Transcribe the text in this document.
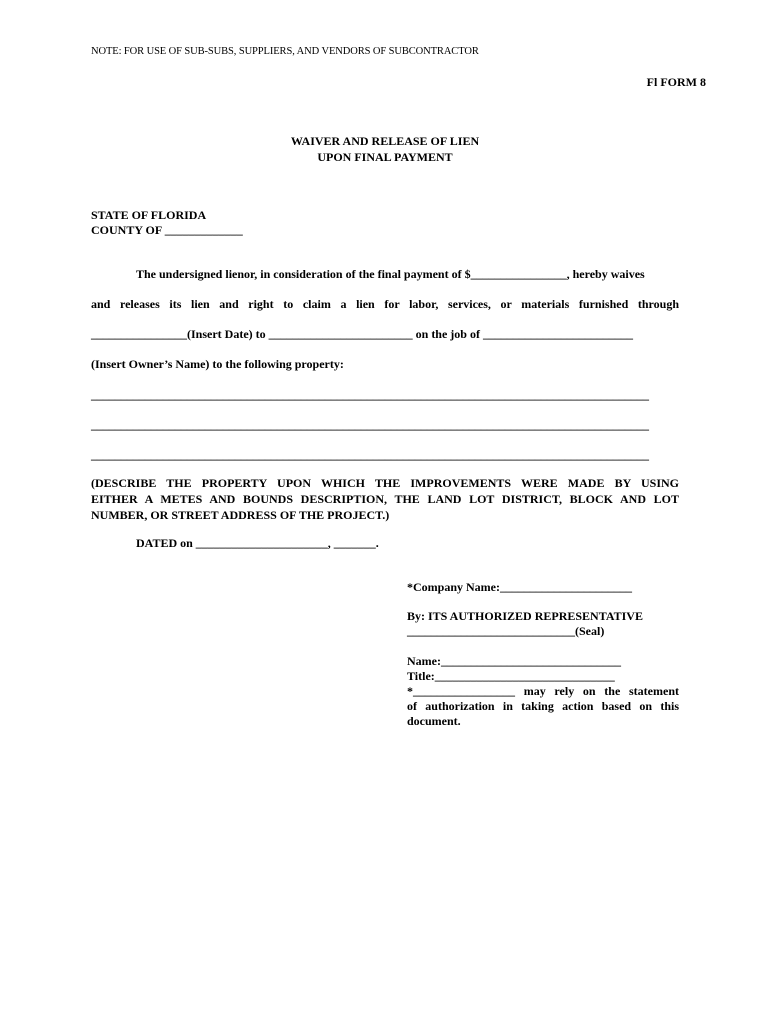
NOTE: FOR USE OF SUB-SUBS, SUPPLIERS, AND VENDORS OF SUBCONTRACTOR
Fl FORM 8
WAIVER AND RELEASE OF LIEN
UPON FINAL PAYMENT
STATE OF FLORIDA
COUNTY OF _____________
The undersigned lienor, in consideration of the final payment of $________________, hereby waives
and releases its lien and right to claim a lien for labor, services, or materials furnished through
________________(Insert Date) to ________________________ on the job of _________________________
(Insert Owner’s Name) to the following property:
_____________________________________________________________________________________________
_____________________________________________________________________________________________
_____________________________________________________________________________________________
(DESCRIBE THE PROPERTY UPON WHICH THE IMPROVEMENTS WERE MADE BY USING
EITHER A METES AND BOUNDS DESCRIPTION, THE LAND LOT DISTRICT, BLOCK AND LOT
NUMBER, OR STREET ADDRESS OF THE PROJECT.)
DATED on ______________________, _______.
*Company Name:______________________
By: ITS AUTHORIZED REPRESENTATIVE
____________________________(Seal)
Name:______________________________
Title:______________________________
*_________________ may rely on the statement
of authorization in taking action based on this
document.
